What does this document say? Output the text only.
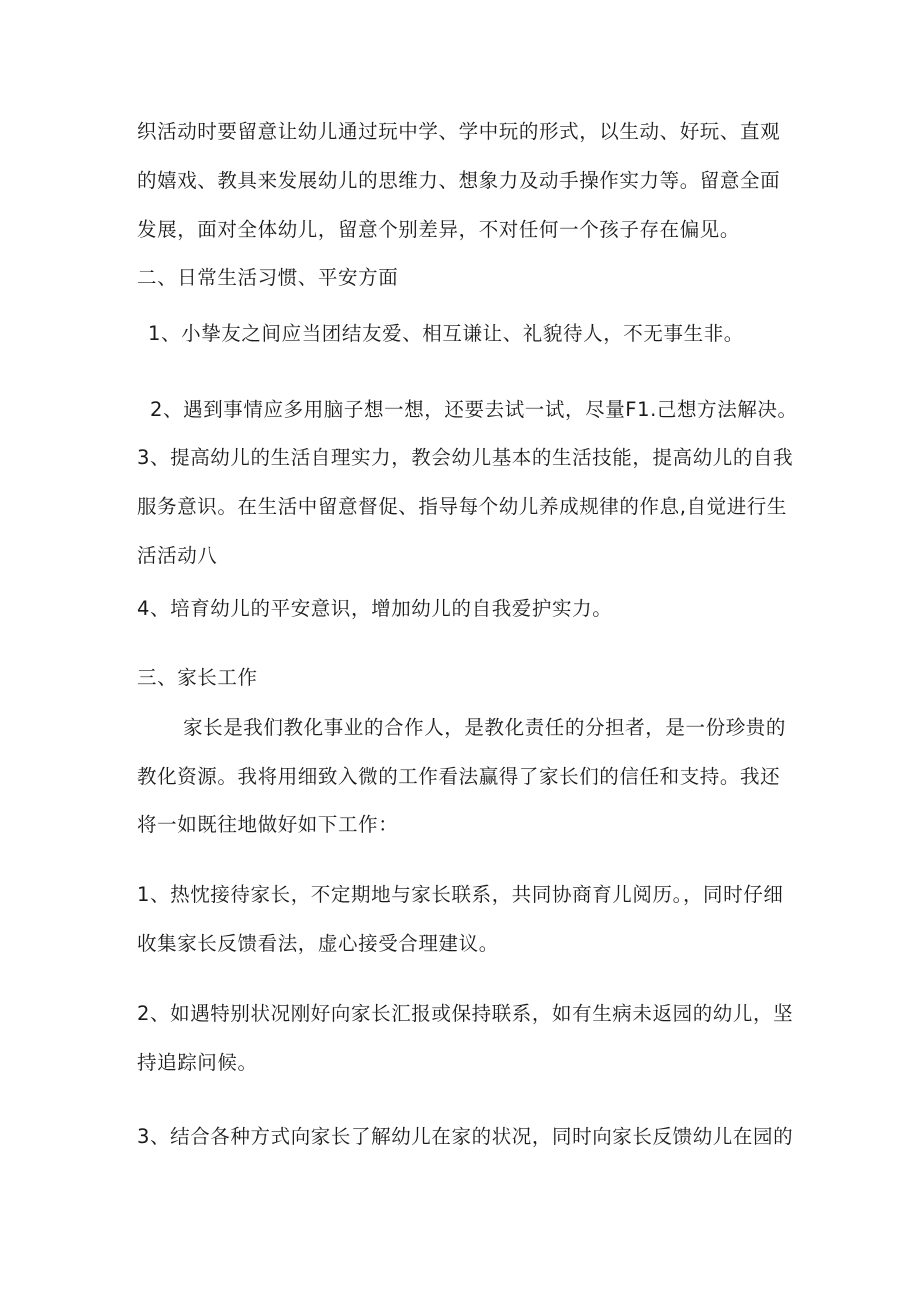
织活动时要留意让幼儿通过玩中学、学中玩的形式，以生动、好玩、直观
的嬉戏、教具来发展幼儿的思维力、想象力及动手操作实力等。留意全面
发展，面对全体幼儿，留意个别差异，不对任何一个孩子存在偏见。
二、日常生活习惯、平安方面
1、小挚友之间应当团结友爱、相互谦让、礼貌待人，不无事生非。
2、遇到事情应多用脑子想一想，还要去试一试，尽量F1.己想方法解决。
3、提高幼儿的生活自理实力，教会幼儿基本的生活技能，提高幼儿的自我
服务意识。在生活中留意督促、指导每个幼儿养成规律的作息,自觉进行生
活活动八
4、培育幼儿的平安意识，增加幼儿的自我爱护实力。
三、家长工作
家长是我们教化事业的合作人，是教化责任的分担者，是一份珍贵的
教化资源。我将用细致入微的工作看法赢得了家长们的信任和支持。我还
将一如既往地做好如下工作：
1、热忱接待家长，不定期地与家长联系，共同协商育儿阅历。，同时仔细
收集家长反馈看法，虚心接受合理建议。
2、如遇特别状况刚好向家长汇报或保持联系，如有生病未返园的幼儿，坚
持追踪问候。
3、结合各种方式向家长了解幼儿在家的状况，同时向家长反馈幼儿在园的
